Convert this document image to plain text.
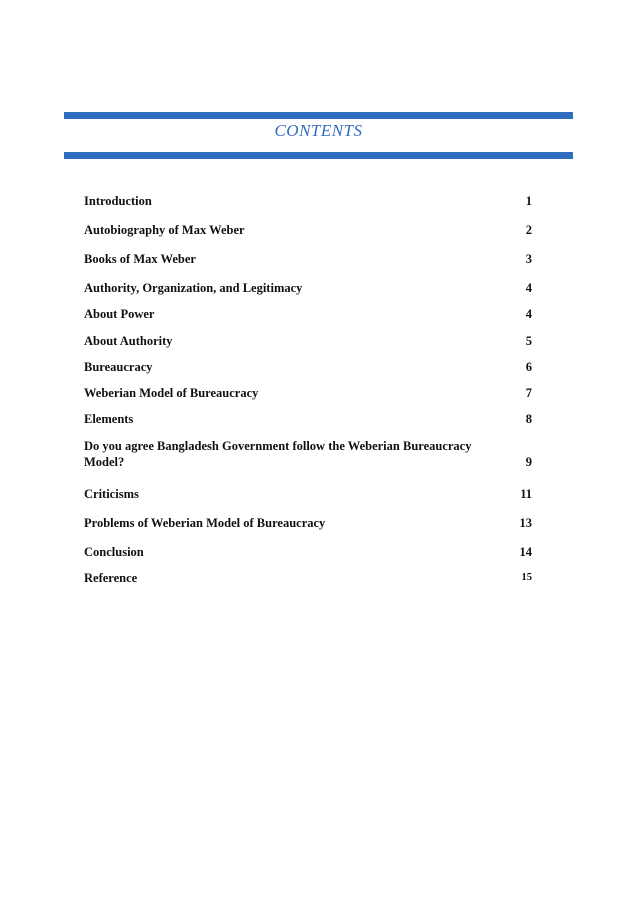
CONTENTS
Introduction	1
Autobiography of Max Weber	2
Books of Max Weber	3
Authority, Organization, and Legitimacy	4
About Power	4
About Authority	5
Bureaucracy	6
Weberian Model of Bureaucracy	7
Elements	8
Do you agree Bangladesh Government follow the Weberian Bureaucracy Model?	9
Criticisms	11
Problems of Weberian Model of Bureaucracy	13
Conclusion	14
Reference	15
